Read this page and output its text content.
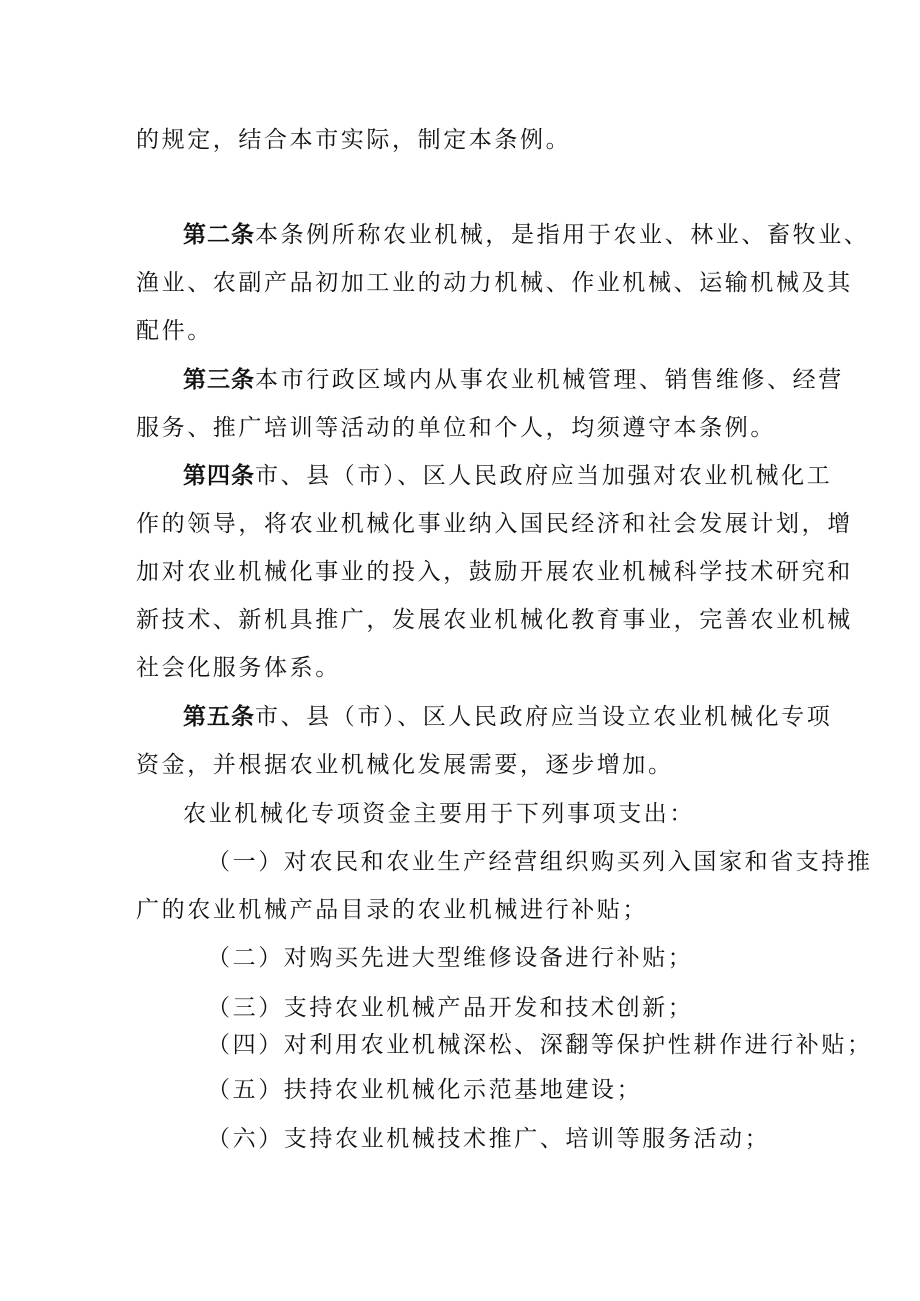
的规定，结合本市实际，制定本条例。
第二条本条例所称农业机械，是指用于农业、林业、畜牧业、
渔业、农副产品初加工业的动力机械、作业机械、运输机械及其
配件。
第三条本市行政区域内从事农业机械管理、销售维修、经营
服务、推广培训等活动的单位和个人，均须遵守本条例。
第四条市、县（市）、区人民政府应当加强对农业机械化工
作的领导，将农业机械化事业纳入国民经济和社会发展计划，增
加对农业机械化事业的投入，鼓励开展农业机械科学技术研究和
新技术、新机具推广，发展农业机械化教育事业，完善农业机械
社会化服务体系。
第五条市、县（市）、区人民政府应当设立农业机械化专项
资金，并根据农业机械化发展需要，逐步增加。
农业机械化专项资金主要用于下列事项支出：
（一）对农民和农业生产经营组织购买列入国家和省支持推
广的农业机械产品目录的农业机械进行补贴；
（二）对购买先进大型维修设备进行补贴；
（三）支持农业机械产品开发和技术创新；
（四）对利用农业机械深松、深翻等保护性耕作进行补贴；
（五）扶持农业机械化示范基地建设；
（六）支持农业机械技术推广、培训等服务活动；
